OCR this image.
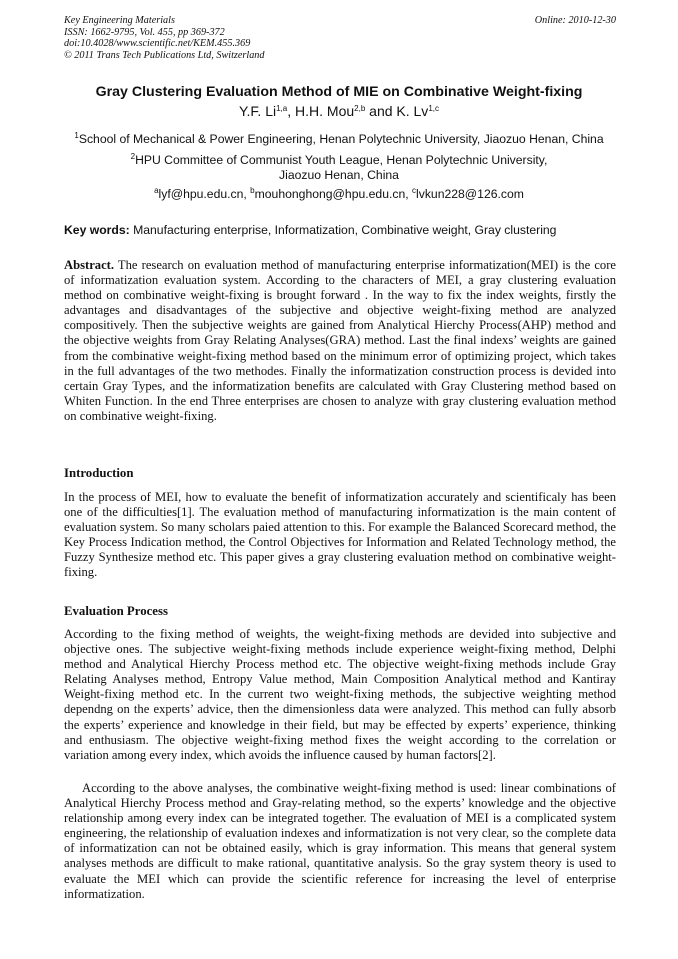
Key Engineering Materials
ISSN: 1662-9795, Vol. 455, pp 369-372
doi:10.4028/www.scientific.net/KEM.455.369
© 2011 Trans Tech Publications Ltd, Switzerland
Online: 2010-12-30
Gray Clustering Evaluation Method of MIE on Combinative Weight-fixing
Y.F. Li$^{1,a}$, H.H. Mou$^{2,b}$ and K. Lv$^{1,c}$
$^1$School of Mechanical & Power Engineering, Henan Polytechnic University, Jiaozuo Henan, China
$^2$HPU Committee of Communist Youth League, Henan Polytechnic University,
Jiaozuo Henan, China
$^a$lyf@hpu.edu.cn, $^b$mouhonghong@hpu.edu.cn, $^c$lvkun228@126.com
Key words: Manufacturing enterprise, Informatization, Combinative weight, Gray clustering

Abstract. The research on evaluation method of manufacturing enterprise informatization(MEI) is the core of informatization evaluation system. According to the characters of MEI, a gray clustering evaluation method on combinative weight-fixing is brought forward . In the way to fix the index weights, firstly the advantages and disadvantages of the subjective and objective weight-fixing method are analyzed compositively. Then the subjective weights are gained from Analytical Hierchy Process(AHP) method and the objective weights from Gray Relating Analyses(GRA) method. Last the final indexs’ weights are gained from the combinative weight-fixing method based on the minimum error of optimizing project, which takes in the full advantages of the two methodes. Finally the informatization construction process is devided into certain Gray Types, and the informatization benefits are calculated with Gray Clustering method based on Whiten Function. In the end Three enterprises are chosen to analyze with gray clustering evaluation method on combinative weight-fixing.

Introduction

In the process of MEI, how to evaluate the benefit of informatization accurately and scientificaly has been one of the difficulties[1]. The evaluation method of manufacturing informatization is the main content of evaluation system. So many scholars paied attention to this. For example the Balanced Scorecard method, the Key Process Indication method, the Control Objectives for Information and Related Technology method, the Fuzzy Synthesize method etc. This paper gives a gray clustering evaluation method on combinative weight-fixing.

Evaluation Process

According to the fixing method of weights, the weight-fixing methods are devided into subjective and objective ones. The subjective weight-fixing methods include experience weight-fixing method, Delphi method and Analytical Hierchy Process method etc. The objective weight-fixing methods include Gray Relating Analyses method, Entropy Value method, Main Composition Analytical method and Kantiray Weight-fixing method etc. In the current two weight-fixing methods, the subjective weighting method dependng on the experts’ advice, then the dimensionless data were analyzed. This method can fully absorb the experts’ experience and knowledge in their field, but may be effected by experts’ experience, thinking and enthusiasm. The objective weight-fixing method fixes the weight according to the correlation or variation among every index, which avoids the influence caused by human factors[2].

According to the above analyses, the combinative weight-fixing method is used: linear combinations of Analytical Hierchy Process method and Gray-relating method, so the experts’ knowledge and the objective relationship among every index can be integrated together. The evaluation of MEI is a complicated system engineering, the relationship of evaluation indexes and informatization is not very clear, so the complete data of informatization can not be obtained easily, which is gray information. This means that general system analyses methods are difficult to make rational, quantitative analysis. So the gray system theory is used to evaluate the MEI which can provide the scientific reference for increasing the level of enterprise informatization.
